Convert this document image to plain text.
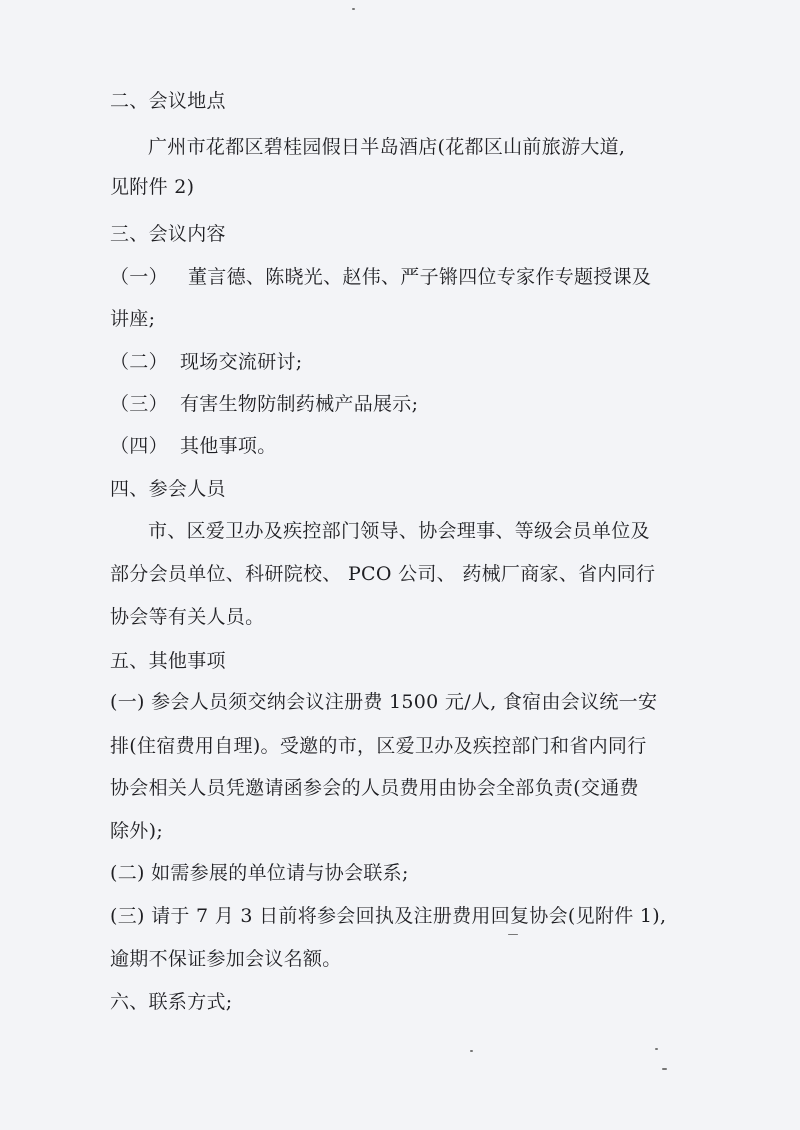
二、会议地点
广州市花都区碧桂园假日半岛酒店(花都区山前旅游大道,
见附件 2)
三、会议内容
（一） 董言德、陈晓光、赵伟、严子锵四位专家作专题授课及
讲座;
（二） 现场交流研讨;
（三） 有害生物防制药械产品展示;
（四） 其他事项。
四、参会人员
市、区爱卫办及疾控部门领导、协会理事、等级会员单位及
部分会员单位、科研院校、 PCO 公司、 药械厂商家、省内同行
协会等有关人员。
五、其他事项
(一) 参会人员须交纳会议注册费 1500 元/人, 食宿由会议统一安
排(住宿费用自理)。受邀的市，区爱卫办及疾控部门和省内同行
协会相关人员凭邀请函参会的人员费用由协会全部负责(交通费
除外);
(二) 如需参展的单位请与协会联系;
(三) 请于 7 月 3 日前将参会回执及注册费用回复协会(见附件 1),
逾期不保证参加会议名额。
六、联系方式;
